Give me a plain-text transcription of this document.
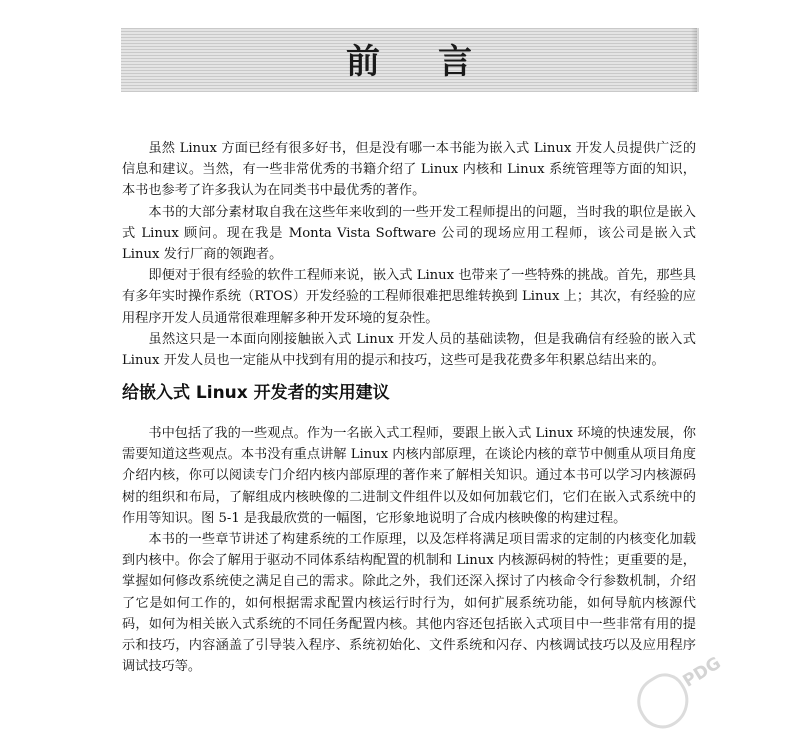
前言

虽然 Linux 方面已经有很多好书，但是没有哪一本书能为嵌入式 Linux 开发人员提供广泛的信息和建议。当然，有一些非常优秀的书籍介绍了 Linux 内核和 Linux 系统管理等方面的知识，本书也参考了许多我认为在同类书中最优秀的著作。

本书的大部分素材取自我在这些年来收到的一些开发工程师提出的问题，当时我的职位是嵌入式 Linux 顾问。现在我是 Monta Vista Software 公司的现场应用工程师，该公司是嵌入式 Linux 发行厂商的领跑者。

即便对于很有经验的软件工程师来说，嵌入式 Linux 也带来了一些特殊的挑战。首先，那些具有多年实时操作系统（RTOS）开发经验的工程师很难把思维转换到 Linux 上；其次，有经验的应用程序开发人员通常很难理解多种开发环境的复杂性。

虽然这只是一本面向刚接触嵌入式 Linux 开发人员的基础读物，但是我确信有经验的嵌入式 Linux 开发人员也一定能从中找到有用的提示和技巧，这些可是我花费多年积累总结出来的。

给嵌入式 Linux 开发者的实用建议

书中包括了我的一些观点。作为一名嵌入式工程师，要跟上嵌入式 Linux 环境的快速发展，你需要知道这些观点。本书没有重点讲解 Linux 内核内部原理，在谈论内核的章节中侧重从项目角度介绍内核，你可以阅读专门介绍内核内部原理的著作来了解相关知识。通过本书可以学习内核源码树的组织和布局，了解组成内核映像的二进制文件组件以及如何加载它们，它们在嵌入式系统中的作用等知识。图 5-1 是我最欣赏的一幅图，它形象地说明了合成内核映像的构建过程。

本书的一些章节讲述了构建系统的工作原理，以及怎样将满足项目需求的定制的内核变化加载到内核中。你会了解用于驱动不同体系结构配置的机制和 Linux 内核源码树的特性；更重要的是，掌握如何修改系统使之满足自己的需求。除此之外，我们还深入探讨了内核命令行参数机制，介绍了它是如何工作的，如何根据需求配置内核运行时行为，如何扩展系统功能，如何导航内核源代码，如何为相关嵌入式系统的不同任务配置内核。其他内容还包括嵌入式项目中一些非常有用的提示和技巧，内容涵盖了引导装入程序、系统初始化、文件系统和闪存、内核调试技巧以及应用程序调试技巧等。	PDG
